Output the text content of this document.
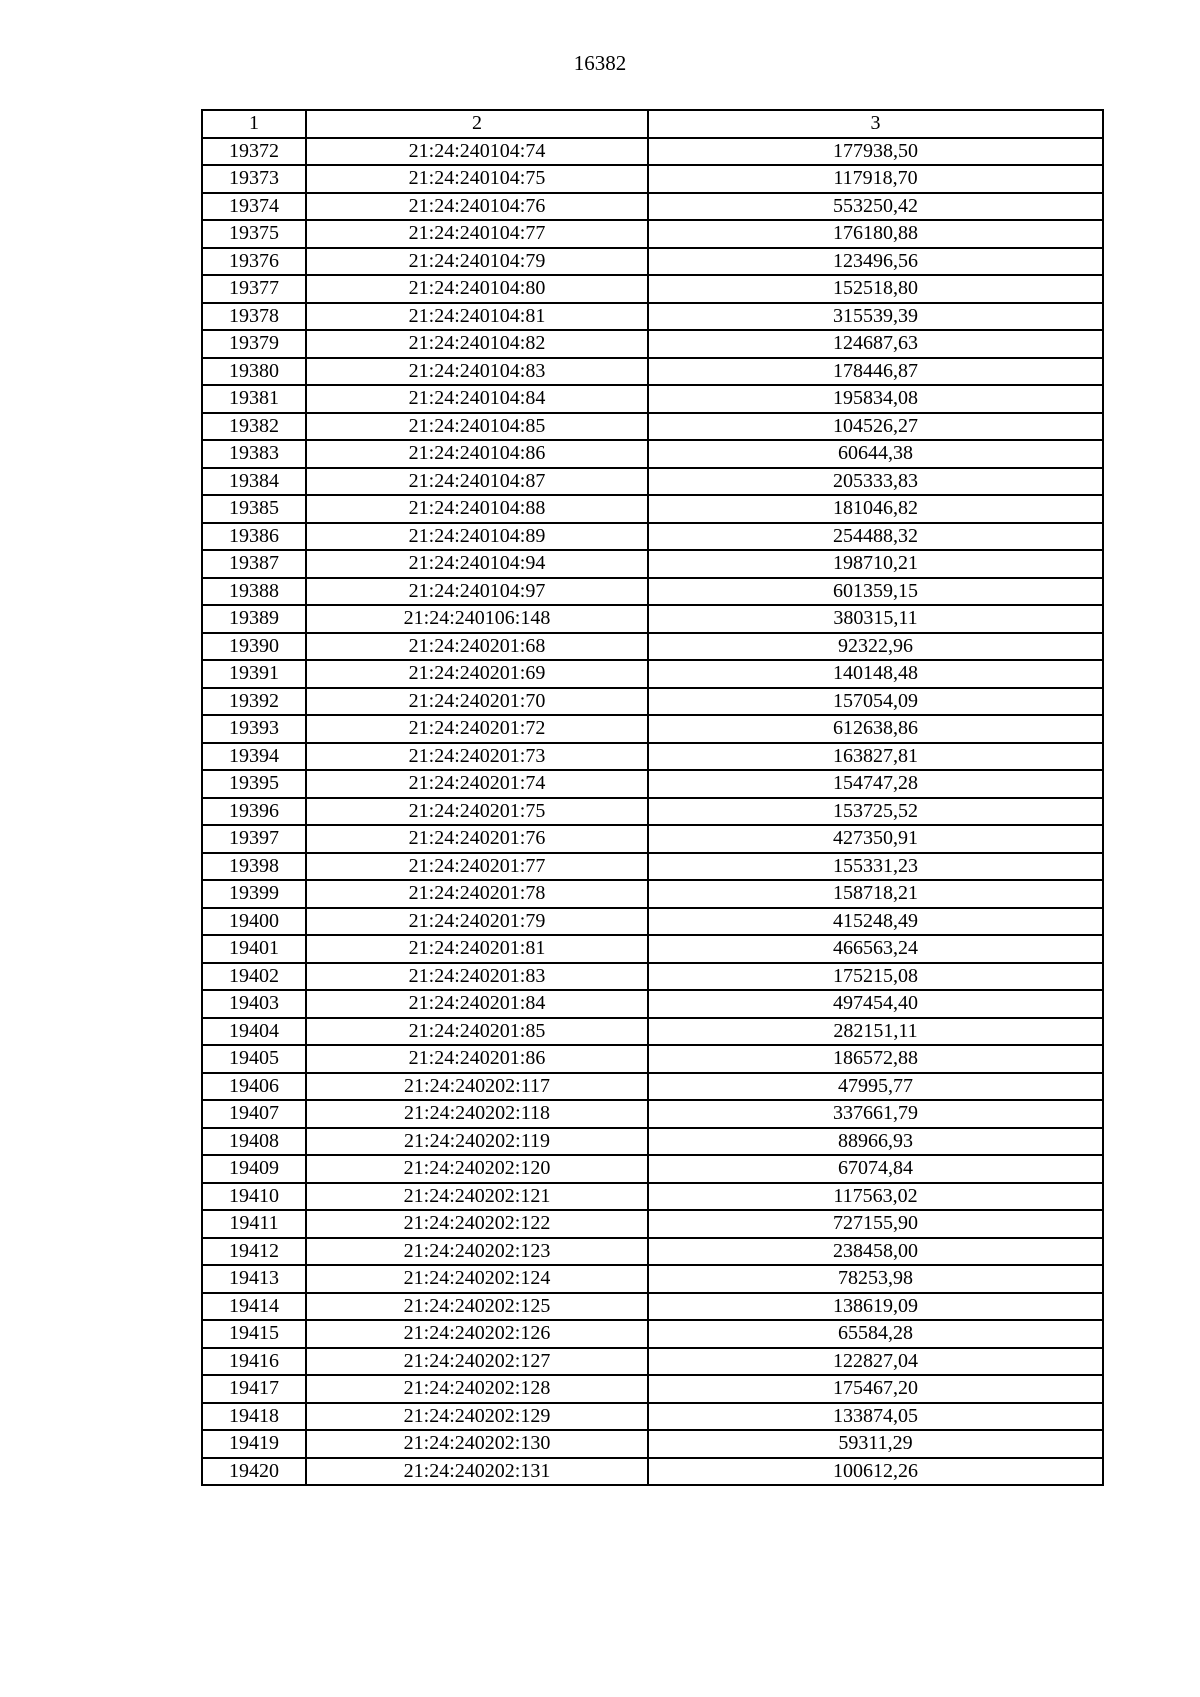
16382
1	2	3
19372	21:24:240104:74	177938,50
19373	21:24:240104:75	117918,70
19374	21:24:240104:76	553250,42
19375	21:24:240104:77	176180,88
19376	21:24:240104:79	123496,56
19377	21:24:240104:80	152518,80
19378	21:24:240104:81	315539,39
19379	21:24:240104:82	124687,63
19380	21:24:240104:83	178446,87
19381	21:24:240104:84	195834,08
19382	21:24:240104:85	104526,27
19383	21:24:240104:86	60644,38
19384	21:24:240104:87	205333,83
19385	21:24:240104:88	181046,82
19386	21:24:240104:89	254488,32
19387	21:24:240104:94	198710,21
19388	21:24:240104:97	601359,15
19389	21:24:240106:148	380315,11
19390	21:24:240201:68	92322,96
19391	21:24:240201:69	140148,48
19392	21:24:240201:70	157054,09
19393	21:24:240201:72	612638,86
19394	21:24:240201:73	163827,81
19395	21:24:240201:74	154747,28
19396	21:24:240201:75	153725,52
19397	21:24:240201:76	427350,91
19398	21:24:240201:77	155331,23
19399	21:24:240201:78	158718,21
19400	21:24:240201:79	415248,49
19401	21:24:240201:81	466563,24
19402	21:24:240201:83	175215,08
19403	21:24:240201:84	497454,40
19404	21:24:240201:85	282151,11
19405	21:24:240201:86	186572,88
19406	21:24:240202:117	47995,77
19407	21:24:240202:118	337661,79
19408	21:24:240202:119	88966,93
19409	21:24:240202:120	67074,84
19410	21:24:240202:121	117563,02
19411	21:24:240202:122	727155,90
19412	21:24:240202:123	238458,00
19413	21:24:240202:124	78253,98
19414	21:24:240202:125	138619,09
19415	21:24:240202:126	65584,28
19416	21:24:240202:127	122827,04
19417	21:24:240202:128	175467,20
19418	21:24:240202:129	133874,05
19419	21:24:240202:130	59311,29
19420	21:24:240202:131	100612,26
